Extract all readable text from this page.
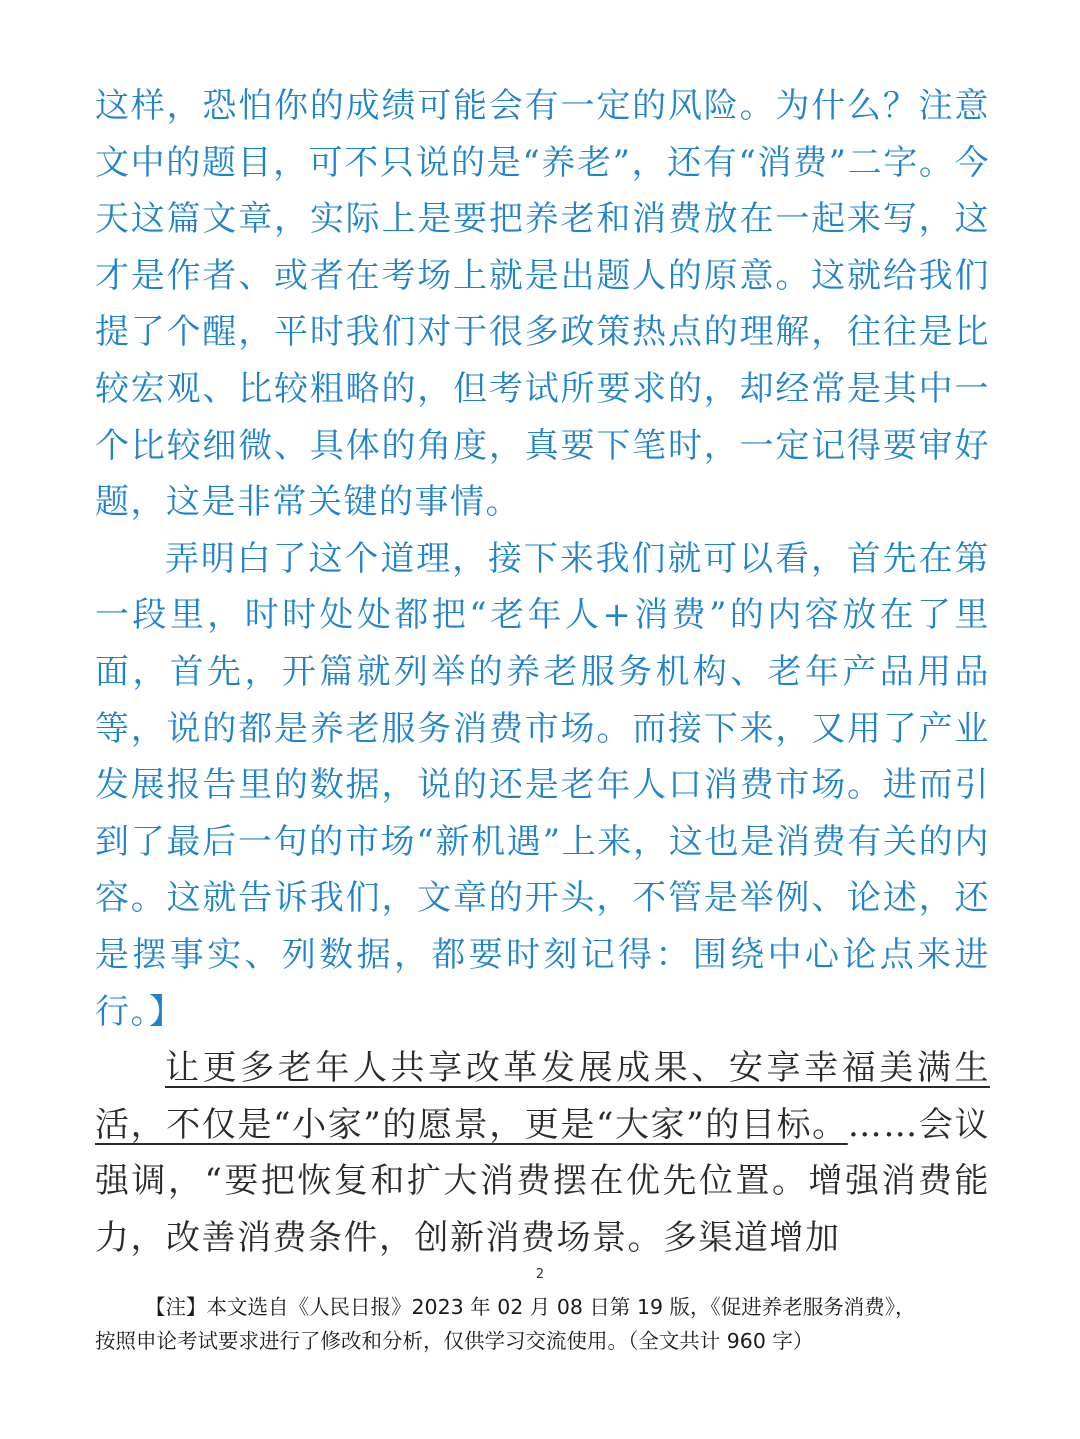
这样，恐怕你的成绩可能会有一定的风险。为什么？注意文中的题目，可不只说的是“养老”，还有“消费”二字。今天这篇文章，实际上是要把养老和消费放在一起来写，这才是作者、或者在考场上就是出题人的原意。这就给我们提了个醒，平时我们对于很多政策热点的理解，往往是比较宏观、比较粗略的，但考试所要求的，却经常是其中一个比较细微、具体的角度，真要下笔时，一定记得要审好题，这是非常关键的事情。

弄明白了这个道理，接下来我们就可以看，首先在第一段里，时时处处都把“老年人+消费”的内容放在了里面，首先，开篇就列举的养老服务机构、老年产品用品等，说的都是养老服务消费市场。而接下来，又用了产业发展报告里的数据，说的还是老年人口消费市场。进而引到了最后一句的市场“新机遇”上来，这也是消费有关的内容。这就告诉我们，文章的开头，不管是举例、论述，还是摆事实、列数据，都要时刻记得：围绕中心论点来进行。】

让更多老年人共享改革发展成果、安享幸福美满生活，不仅是“小家”的愿景，更是“大家”的目标。……会议强调，“要把恢复和扩大消费摆在优先位置。增强消费能力，改善消费条件，创新消费场景。多渠道增加

2
【注】本文选自《人民日报》2023 年 02 月 08 日第 19 版，《促进养老服务消费》，
按照申论考试要求进行了修改和分析，仅供学习交流使用。（全文共计 960 字）
